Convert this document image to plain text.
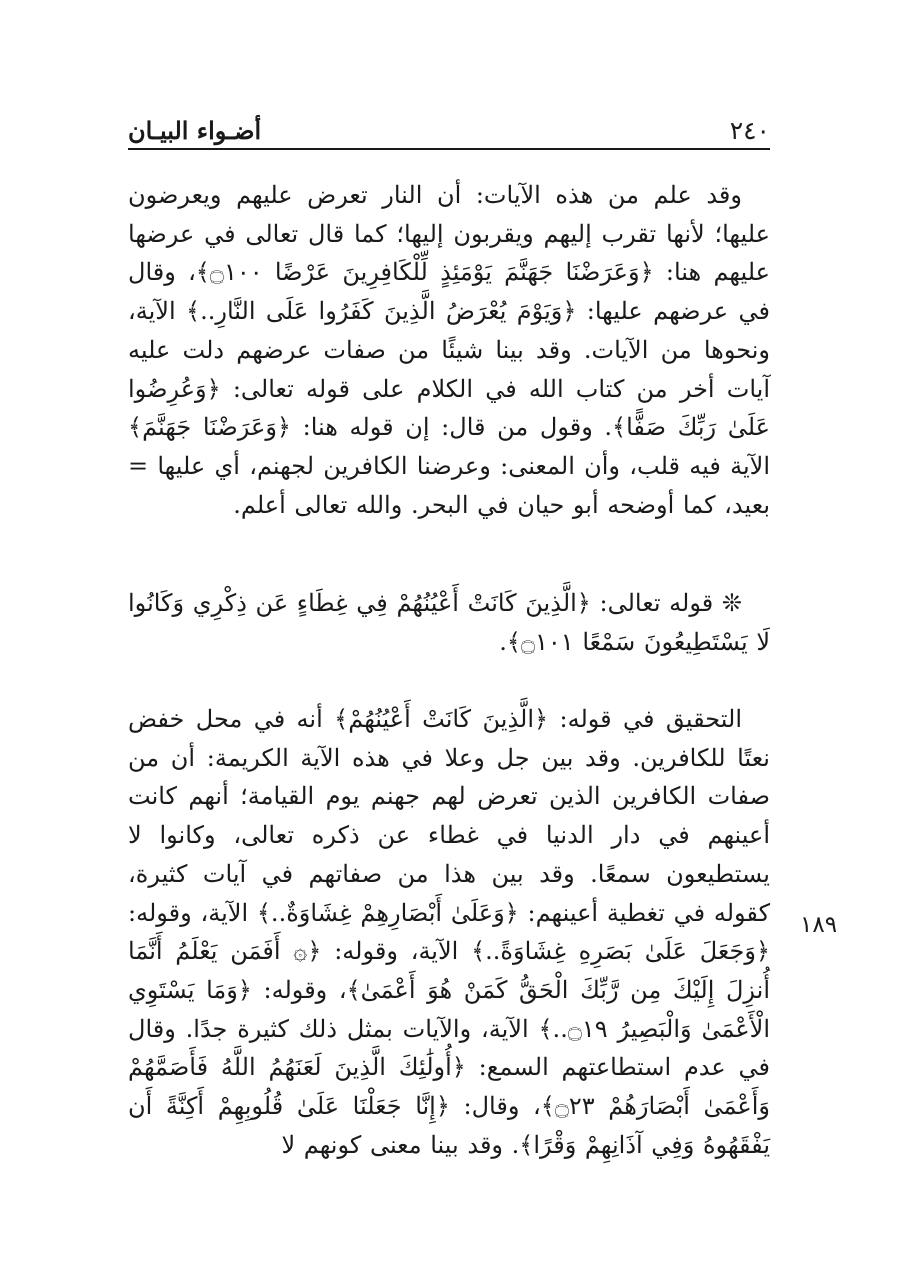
٢٤٠
أضـواء البيـان

وقد علم من هذه الآيات: أن النار تعرض عليهم ويعرضون عليها؛ لأنها تقرب إليهم ويقربون إليها؛ كما قال تعالى في عرضها عليهم هنا: ﴿وَعَرَضْنَا جَهَنَّمَ يَوْمَئِذٍ لِّلْكَافِرِينَ عَرْضًا ۝١٠٠﴾، وقال في عرضهم عليها: ﴿وَيَوْمَ يُعْرَضُ الَّذِينَ كَفَرُوا عَلَى النَّارِ..﴾ الآية، ونحوها من الآيات. وقد بينا شيئًا من صفات عرضهم دلت عليه آيات أخر من كتاب الله في الكلام على قوله تعالى: ﴿وَعُرِضُوا عَلَىٰ رَبِّكَ صَفًّا﴾. وقول من قال: إن قوله هنا: ﴿وَعَرَضْنَا جَهَنَّمَ﴾ الآية فيه قلب، وأن المعنى: وعرضنا الكافرين لجهنم، أي عليها = بعيد، كما أوضحه أبو حيان في البحر. والله تعالى أعلم.

❊ قوله تعالى: ﴿الَّذِينَ كَانَتْ أَعْيُنُهُمْ فِي غِطَاءٍ عَن ذِكْرِي وَكَانُوا لَا يَسْتَطِيعُونَ سَمْعًا ۝١٠١﴾.

التحقيق في قوله: ﴿الَّذِينَ كَانَتْ أَعْيُنُهُمْ﴾ أنه في محل خفض نعتًا للكافرين. وقد بين جل وعلا في هذه الآية الكريمة: أن من صفات الكافرين الذين تعرض لهم جهنم يوم القيامة؛ أنهم كانت أعينهم في دار الدنيا في غطاء عن ذكره تعالى، وكانوا لا يستطيعون سمعًا. وقد بين هذا من صفاتهم في آيات كثيرة، كقوله في تغطية أعينهم: ﴿وَعَلَىٰ أَبْصَارِهِمْ غِشَاوَةٌ..﴾ الآية، وقوله: ﴿وَجَعَلَ عَلَىٰ بَصَرِهِ غِشَاوَةً..﴾ الآية، وقوله: ﴿۞ أَفَمَن يَعْلَمُ أَنَّمَا أُنزِلَ إِلَيْكَ مِن رَّبِّكَ الْحَقُّ كَمَنْ هُوَ أَعْمَىٰ﴾، وقوله: ﴿وَمَا يَسْتَوِي الْأَعْمَىٰ وَالْبَصِيرُ ۝١٩..﴾ الآية، والآيات بمثل ذلك كثيرة جدًا. وقال في عدم استطاعتهم السمع: ﴿أُولَٰئِكَ الَّذِينَ لَعَنَهُمُ اللَّهُ فَأَصَمَّهُمْ وَأَعْمَىٰ أَبْصَارَهُمْ ۝٢٣﴾، وقال: ﴿إِنَّا جَعَلْنَا عَلَىٰ قُلُوبِهِمْ أَكِنَّةً أَن يَفْقَهُوهُ وَفِي آذَانِهِمْ وَقْرًا﴾. وقد بينا معنى كونهم لا

١٨٩
